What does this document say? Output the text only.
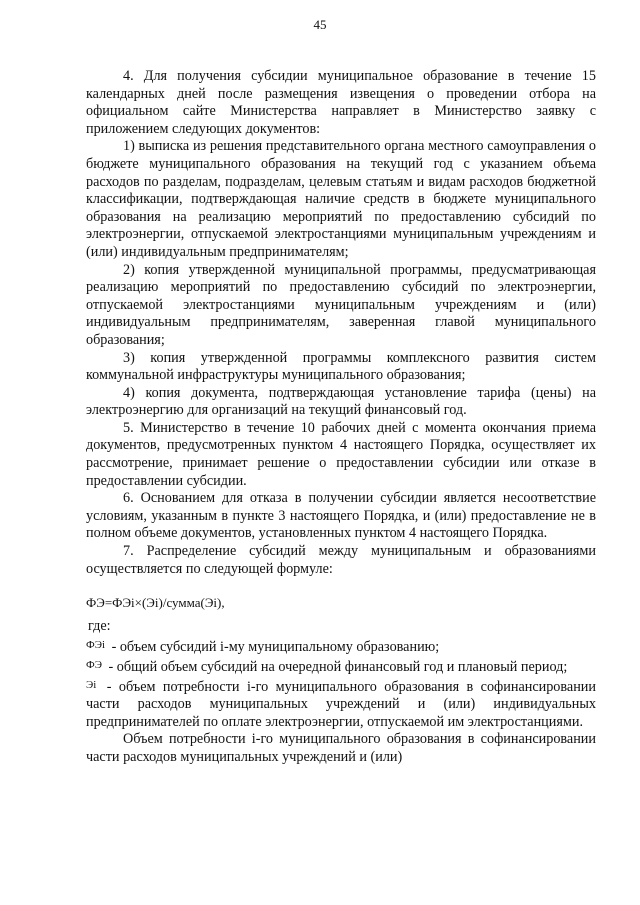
45

4. Для получения субсидии муниципальное образование в течение 15 календарных дней после размещения извещения о проведении отбора на официальном сайте Министерства направляет в Министерство заявку с приложением следующих документов:

1) выписка из решения представительного органа местного самоуправления о бюджете муниципального образования на текущий год с указанием объема расходов по разделам, подразделам, целевым статьям и видам расходов бюджетной классификации, подтверждающая наличие средств в бюджете муниципального образования на реализацию мероприятий по предоставлению субсидий по электроэнергии, отпускаемой электростанциями муниципальным учреждениям и (или) индивидуальным предпринимателям;

2) копия утвержденной муниципальной программы, предусматривающая реализацию мероприятий по предоставлению субсидий по электроэнергии, отпускаемой электростанциями муниципальным учреждениям и (или) индивидуальным предпринимателям, заверенная главой муниципального образования;

3) копия утвержденной программы комплексного развития систем коммунальной инфраструктуры муниципального образования;

4) копия документа, подтверждающая установление тарифа (цены) на электроэнергию для организаций на текущий финансовый год.

5. Министерство в течение 10 рабочих дней с момента окончания приема документов, предусмотренных пунктом 4 настоящего Порядка, осуществляет их рассмотрение, принимает решение о предоставлении субсидии или отказе в предоставлении субсидии.

6. Основанием для отказа в получении субсидии является несоответствие условиям, указанным в пункте 3 настоящего Порядка, и (или) предоставление не в полном объеме документов, установленных пунктом 4 настоящего Порядка.

7. Распределение субсидий между муниципальным и образованиями осуществляется по следующей формуле:

ФЭ=ФЭi×(Эi)/сумма(Эi),
где:

ФЭi - объем субсидий i-му муниципальному образованию;

ФЭ - общий объем субсидий на очередной финансовый год и плановый период;

Эi - объем потребности i-го муниципального образования в софинансировании части расходов муниципальных учреждений и (или) индивидуальных предпринимателей по оплате электроэнергии, отпускаемой им электростанциями.

Объем потребности i-го муниципального образования в софинансировании части расходов муниципальных учреждений и (или)
